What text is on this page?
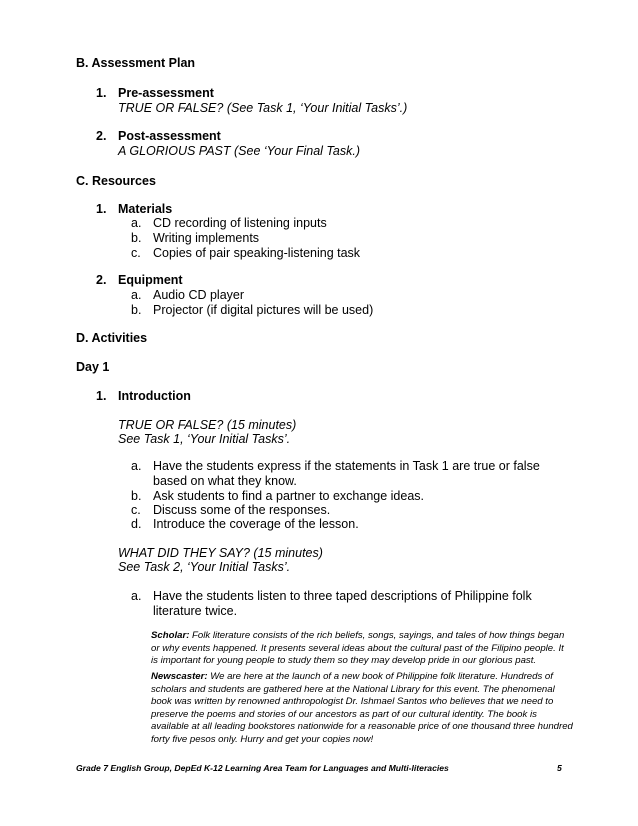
B. Assessment Plan
1. Pre-assessment
TRUE OR FALSE? (See Task 1, ‘Your Initial Tasks’.)
2. Post-assessment
A GLORIOUS PAST (See ‘Your Final Task.)
C. Resources
1. Materials
a. CD recording of listening inputs
b. Writing implements
c. Copies of pair speaking-listening task
2. Equipment
a. Audio CD player
b. Projector (if digital pictures will be used)
D. Activities
Day 1
1. Introduction
TRUE OR FALSE? (15 minutes)
See Task 1, ‘Your Initial Tasks’.
a. Have the students express if the statements in Task 1 are true or false
based on what they know.
b. Ask students to find a partner to exchange ideas.
c. Discuss some of the responses.
d. Introduce the coverage of the lesson.
WHAT DID THEY SAY? (15 minutes)
See Task 2, ‘Your Initial Tasks’.
a. Have the students listen to three taped descriptions of Philippine folk
literature twice.
Scholar: Folk literature consists of the rich beliefs, songs, sayings, and tales of how things began
or why events happened. It presents several ideas about the cultural past of the Filipino people. It
is important for young people to study them so they may develop pride in our glorious past.
Newscaster: We are here at the launch of a new book of Philippine folk literature. Hundreds of
scholars and students are gathered here at the National Library for this event. The phenomenal
book was written by renowned anthropologist Dr. Ishmael Santos who believes that we need to
preserve the poems and stories of our ancestors as part of our cultural identity. The book is
available at all leading bookstores nationwide for a reasonable price of one thousand three hundred
forty five pesos only. Hurry and get your copies now!
Grade 7 English Group, DepEd K-12 Learning Area Team for Languages and Multi-literacies	5
